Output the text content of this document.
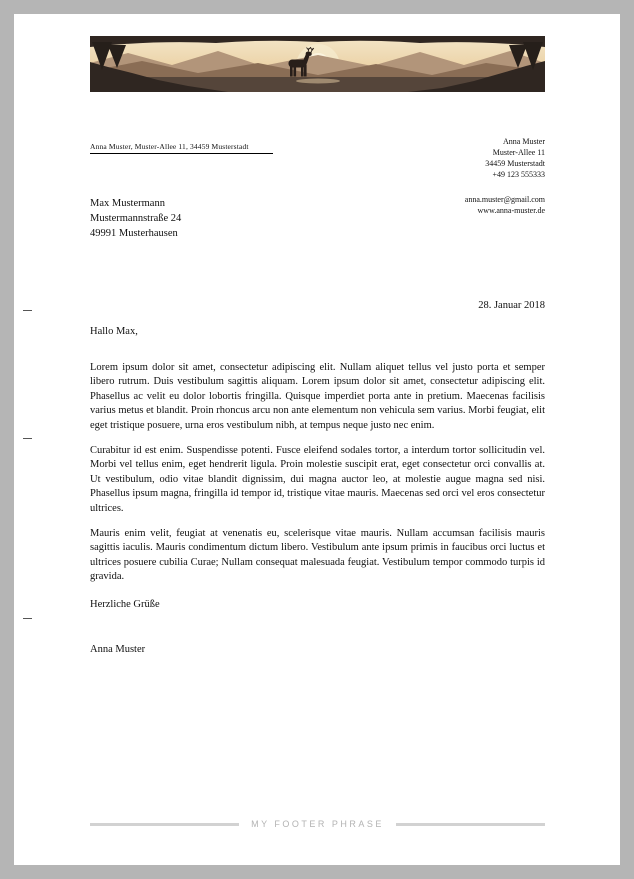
Anna Muster, Muster-Allee 11, 34459 Musterstadt
Anna Muster
Muster-Allee 11
34459 Musterstadt
+49 123 555333
anna.muster@gmail.com
www.anna-muster.de
Max Mustermann
Mustermannstraße 24
49991 Musterhausen
28. Januar 2018

Hallo Max,

Lorem ipsum dolor sit amet, consectetur adipiscing elit. Nullam aliquet tellus vel justo porta et semper libero rutrum. Duis vestibulum sagittis aliquam. Lorem ipsum dolor sit amet, consectetur adipiscing elit. Phasellus ac velit eu dolor lobortis fringilla. Quisque imperdiet porta ante in pretium. Maecenas facilisis varius metus et blandit. Proin rhoncus arcu non ante elementum non vehicula sem varius. Morbi feugiat, elit eget tristique posuere, urna eros vestibulum nibh, at tempus neque justo nec enim.

Curabitur id est enim. Suspendisse potenti. Fusce eleifend sodales tortor, a interdum tortor sollicitudin vel. Morbi vel tellus enim, eget hendrerit ligula. Proin molestie suscipit erat, eget consectetur orci convallis at. Ut vestibulum, odio vitae blandit dignissim, dui magna auctor leo, at molestie augue magna sed nisi. Phasellus ipsum magna, fringilla id tempor id, tristique vitae mauris. Maecenas sed orci vel eros consectetur ultrices.

Mauris enim velit, feugiat at venenatis eu, scelerisque vitae mauris. Nullam accumsan facilisis mauris sagittis iaculis. Mauris condimentum dictum libero. Vestibulum ante ipsum primis in faucibus orci luctus et ultrices posuere cubilia Curae; Nullam consequat malesuada feugiat. Vestibulum tempor commodo turpis id gravida.

Herzliche Grüße

Anna Muster

MY FOOTER PHRASE
